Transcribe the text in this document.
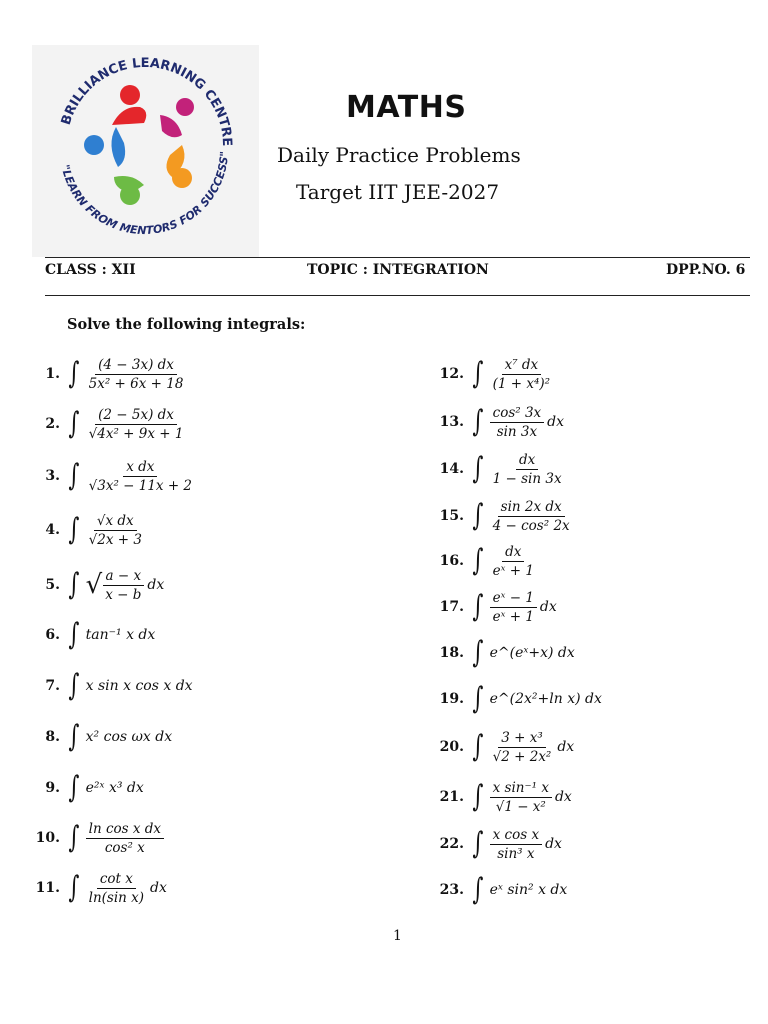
BRILLIANCE LEARNING CENTRE
"LEARN FROM MENTORS FOR SUCCESS"
MATHS
Daily Practice Problems
Target IIT JEE-2027
CLASS : XII	TOPIC : INTEGRATION	DPP.NO. 6
Solve the following integrals:
1. ∫ $\frac{(4 - 3x) dx}{\text{5x² + 6x + 18}}$
2. ∫ $\frac{(2 - 5x) dx}{\text{√4x² + 9x + 1}}$
3. ∫ $\frac{\text{x dx}}{\text{√3x² − 11x + 2}}$
4. ∫ $\frac{\text{√x dx}}{√2x + 3}$
5. ∫ √ $\frac{a - x}{x - b}$ dx
6. ∫ tan⁻¹ x dx
7. ∫ x sin x cos x dx
8. ∫ x² cos ωx dx
9. ∫ e²ˣ x³ dx
10. ∫ $\frac{\text{ln cos x dx}}{\text{cos² x}}$
11. ∫ $\frac{\text{cot x}}{\text{ln(sin x)}}$ dx
12. ∫ $\frac{\text{x⁷ dx}}{\text{(1 + x⁴)²}}$
13. ∫ $\frac{\text{cos² 3x}}{\sin 3x}$ dx
14. ∫ $\frac{dx}{1 - \sin 3x}$
15. ∫ $\frac{\text{sin 2x dx}}{\text{4 − cos² 2x}}$
16. ∫ $\frac{dx}{\text{eˣ + 1}}$
17. ∫ $\frac{\text{eˣ − 1}}{\text{eˣ + 1}}$ dx
18. ∫ e^(eˣ+x) dx
19. ∫ e^(2x²+ln x) dx
20. ∫ $\frac{\text{3 + x³}}{\text{√2 + 2x²}}$ dx
21. ∫ $\frac{\text{x sin⁻¹ x}}{\text{√1 − x²}}$ dx
22. ∫ $\frac{\text{x cos x}}{\text{sin³ x}}$ dx
23. ∫ eˣ sin² x dx
1
